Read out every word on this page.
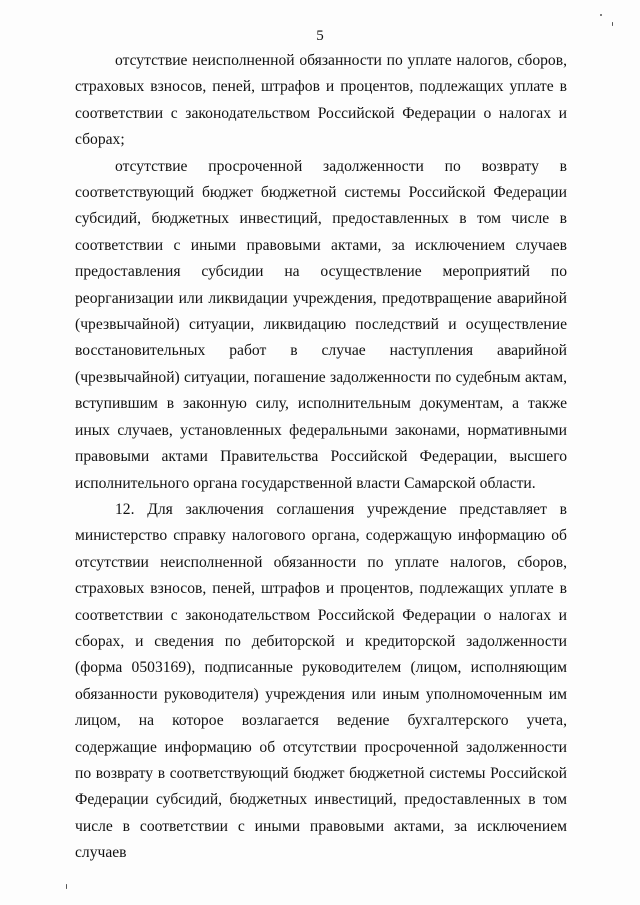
5

отсутствие неисполненной обязанности по уплате налогов, сборов, страховых взносов, пеней, штрафов и процентов, подлежащих уплате в соответствии с законодательством Российской Федерации о налогах и сборах;

отсутствие просроченной задолженности по возврату в соответствующий бюджет бюджетной системы Российской Федерации субсидий, бюджетных инвестиций, предоставленных в том числе в соответствии с иными правовыми актами, за исключением случаев предоставления субсидии на осуществление мероприятий по реорганизации или ликвидации учреждения, предотвращение аварийной (чрезвычайной) ситуации, ликвидацию последствий и осуществление восстановительных работ в случае наступления аварийной (чрезвычайной) ситуации, погашение задолженности по судебным актам, вступившим в законную силу, исполнительным документам, а также иных случаев, установленных федеральными законами, нормативными правовыми актами Правительства Российской Федерации, высшего исполнительного органа государственной власти Самарской области.

12. Для заключения соглашения учреждение представляет в министерство справку налогового органа, содержащую информацию об отсутствии неисполненной обязанности по уплате налогов, сборов, страховых взносов, пеней, штрафов и процентов, подлежащих уплате в соответствии с законодательством Российской Федерации о налогах и сборах, и сведения по дебиторской и кредиторской задолженности (форма 0503169), подписанные руководителем (лицом, исполняющим обязанности руководителя) учреждения или иным уполномоченным им лицом, на которое возлагается ведение бухгалтерского учета, содержащие информацию об отсутствии просроченной задолженности по возврату в соответствующий бюджет бюджетной системы Российской Федерации субсидий, бюджетных инвестиций, предоставленных в том числе в соответствии с иными правовыми актами, за исключением случаев
